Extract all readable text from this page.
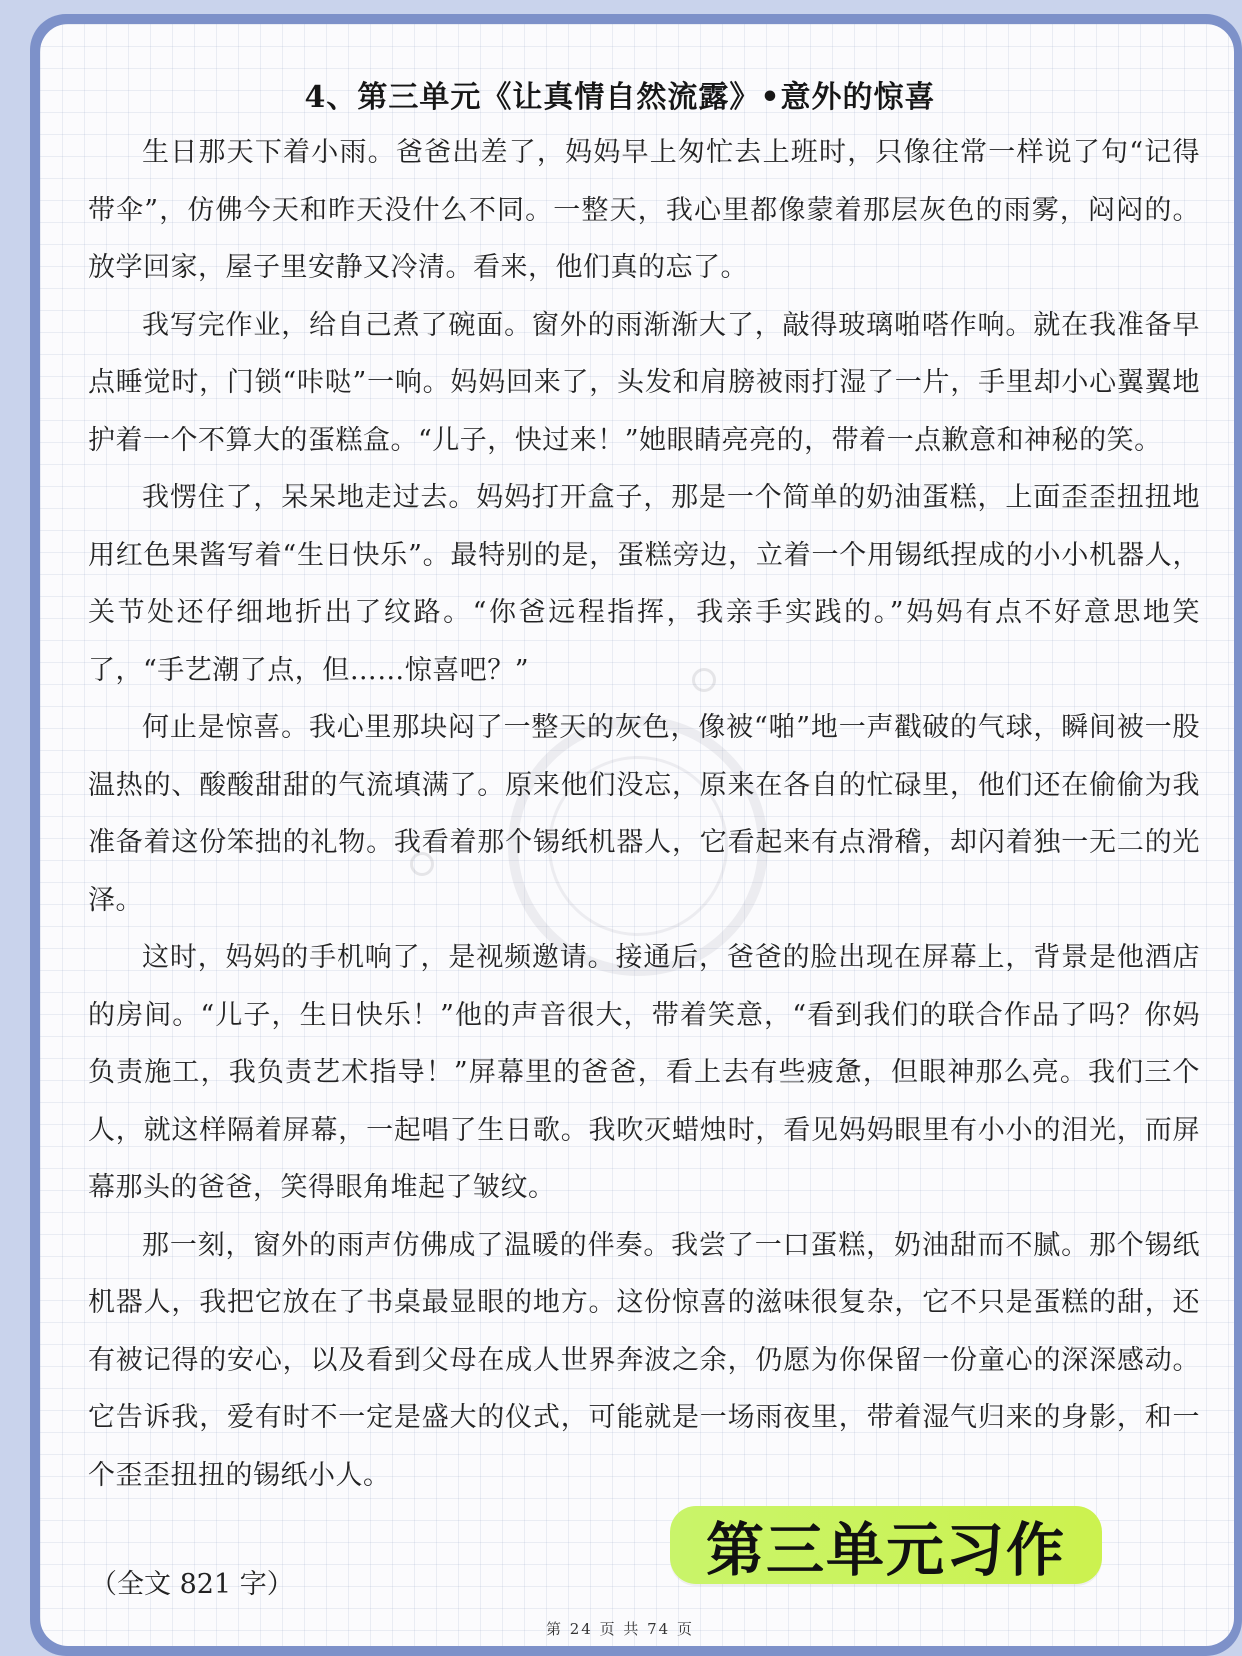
4、第三单元《让真情自然流露》•意外的惊喜

生日那天下着小雨。爸爸出差了，妈妈早上匆忙去上班时，只像往常一样说了句“记得带伞”，仿佛今天和昨天没什么不同。一整天，我心里都像蒙着那层灰色的雨雾，闷闷的。放学回家，屋子里安静又冷清。看来，他们真的忘了。

我写完作业，给自己煮了碗面。窗外的雨渐渐大了，敲得玻璃啪嗒作响。就在我准备早点睡觉时，门锁“咔哒”一响。妈妈回来了，头发和肩膀被雨打湿了一片，手里却小心翼翼地护着一个不算大的蛋糕盒。“儿子，快过来！”她眼睛亮亮的，带着一点歉意和神秘的笑。

我愣住了，呆呆地走过去。妈妈打开盒子，那是一个简单的奶油蛋糕，上面歪歪扭扭地用红色果酱写着“生日快乐”。最特别的是，蛋糕旁边，立着一个用锡纸捏成的小小机器人，关节处还仔细地折出了纹路。“你爸远程指挥，我亲手实践的。”妈妈有点不好意思地笑了，“手艺潮了点，但……惊喜吧？”

何止是惊喜。我心里那块闷了一整天的灰色，像被“啪”地一声戳破的气球，瞬间被一股温热的、酸酸甜甜的气流填满了。原来他们没忘，原来在各自的忙碌里，他们还在偷偷为我准备着这份笨拙的礼物。我看着那个锡纸机器人，它看起来有点滑稽，却闪着独一无二的光泽。

这时，妈妈的手机响了，是视频邀请。接通后，爸爸的脸出现在屏幕上，背景是他酒店的房间。“儿子，生日快乐！”他的声音很大，带着笑意，“看到我们的联合作品了吗？你妈负责施工，我负责艺术指导！”屏幕里的爸爸，看上去有些疲惫，但眼神那么亮。我们三个人，就这样隔着屏幕，一起唱了生日歌。我吹灭蜡烛时，看见妈妈眼里有小小的泪光，而屏幕那头的爸爸，笑得眼角堆起了皱纹。

那一刻，窗外的雨声仿佛成了温暖的伴奏。我尝了一口蛋糕，奶油甜而不腻。那个锡纸机器人，我把它放在了书桌最显眼的地方。这份惊喜的滋味很复杂，它不只是蛋糕的甜，还有被记得的安心，以及看到父母在成人世界奔波之余，仍愿为你保留一份童心的深深感动。它告诉我，爱有时不一定是盛大的仪式，可能就是一场雨夜里，带着湿气归来的身影，和一个歪歪扭扭的锡纸小人。

（全文 821 字）
第三单元习作
第 24 页 共 74 页
